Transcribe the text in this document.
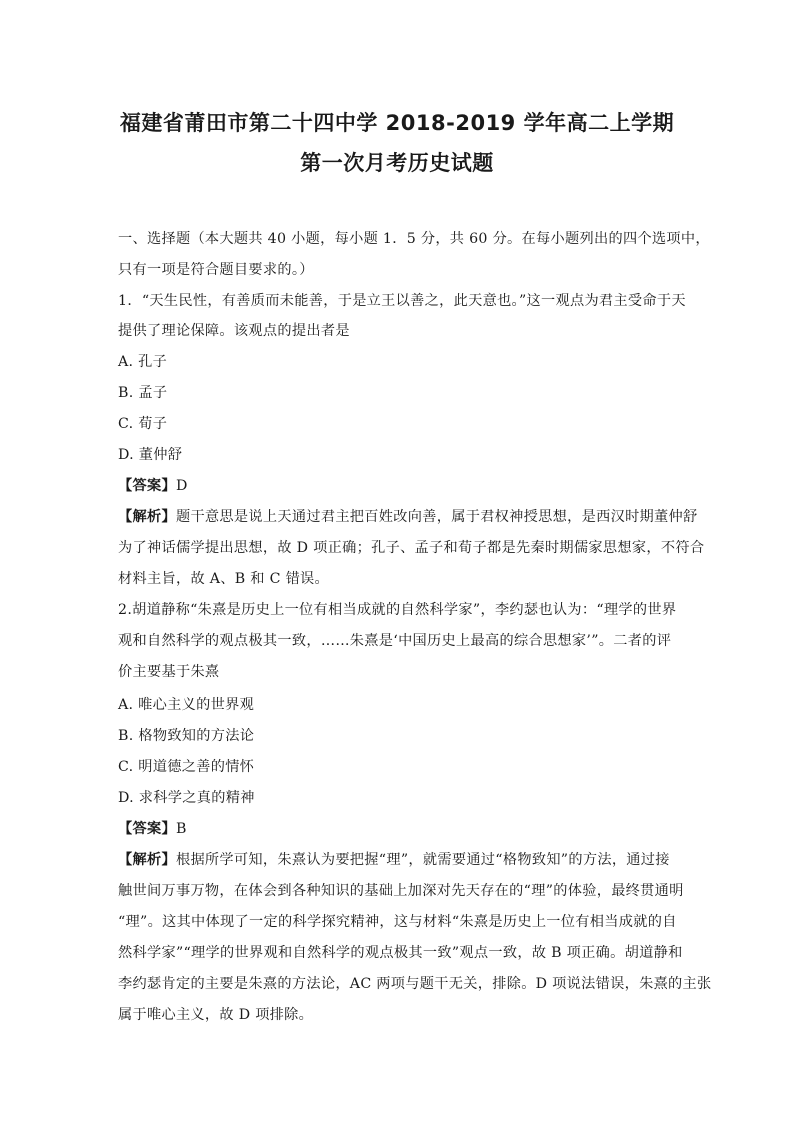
福建省莆田市第二十四中学 2018-2019 学年高二上学期
第一次月考历史试题
一、选择题（本大题共 40 小题，每小题 1．5 分，共 60 分。在每小题列出的四个选项中，
只有一项是符合题目要求的。）
1．“天生民性，有善质而未能善，于是立王以善之，此天意也。”这一观点为君主受命于天
提供了理论保障。该观点的提出者是
A. 孔子
B. 孟子
C. 荀子
D. 董仲舒
【答案】D
【解析】题干意思是说上天通过君主把百姓改向善，属于君权神授思想，是西汉时期董仲舒
为了神话儒学提出思想，故 D 项正确；孔子、孟子和荀子都是先秦时期儒家思想家，不符合
材料主旨，故 A、B 和 C 错误。
2.胡道静称“朱熹是历史上一位有相当成就的自然科学家”，李约瑟也认为：“理学的世界
观和自然科学的观点极其一致，……朱熹是‘中国历史上最高的综合思想家’”。二者的评
价主要基于朱熹
A. 唯心主义的世界观
B. 格物致知的方法论
C. 明道德之善的情怀
D. 求科学之真的精神
【答案】B
【解析】根据所学可知，朱熹认为要把握“理”，就需要通过“格物致知”的方法，通过接
触世间万事万物，在体会到各种知识的基础上加深对先天存在的“理”的体验，最终贯通明
“理”。这其中体现了一定的科学探究精神，这与材料“朱熹是历史上一位有相当成就的自
然科学家”“理学的世界观和自然科学的观点极其一致”观点一致，故 B 项正确。胡道静和
李约瑟肯定的主要是朱熹的方法论，AC 两项与题干无关，排除。D 项说法错误，朱熹的主张
属于唯心主义，故 D 项排除。
